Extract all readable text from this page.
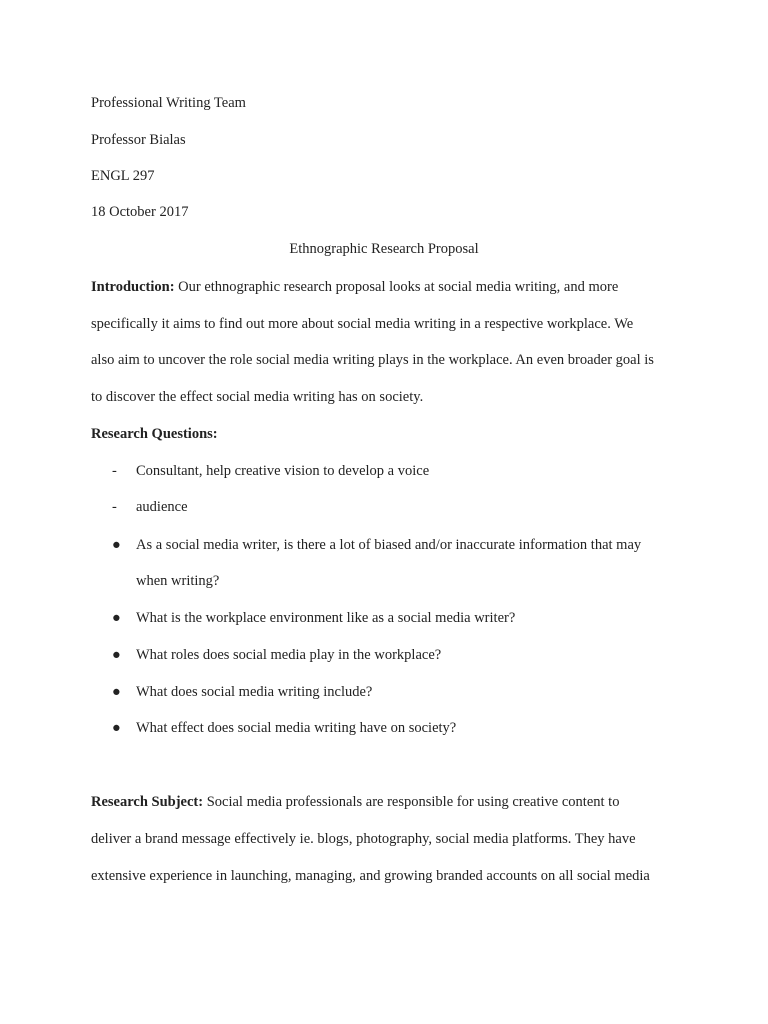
Professional Writing Team
Professor Bialas
ENGL 297
18 October 2017
Ethnographic Research Proposal
Introduction: Our ethnographic research proposal looks at social media writing, and more
specifically it aims to find out more about social media writing in a respective workplace. We
also aim to uncover the role social media writing plays in the workplace. An even broader goal is
to discover the effect social media writing has on society.
Research Questions:
- Consultant, help creative vision to develop a voice
- audience
● As a social media writer, is there a lot of biased and/or inaccurate information that may
when writing?
● What is the workplace environment like as a social media writer?
● What roles does social media play in the workplace?
● What does social media writing include?
● What effect does social media writing have on society?
Research Subject: Social media professionals are responsible for using creative content to
deliver a brand message effectively ie. blogs, photography, social media platforms. They have
extensive experience in launching, managing, and growing branded accounts on all social media
